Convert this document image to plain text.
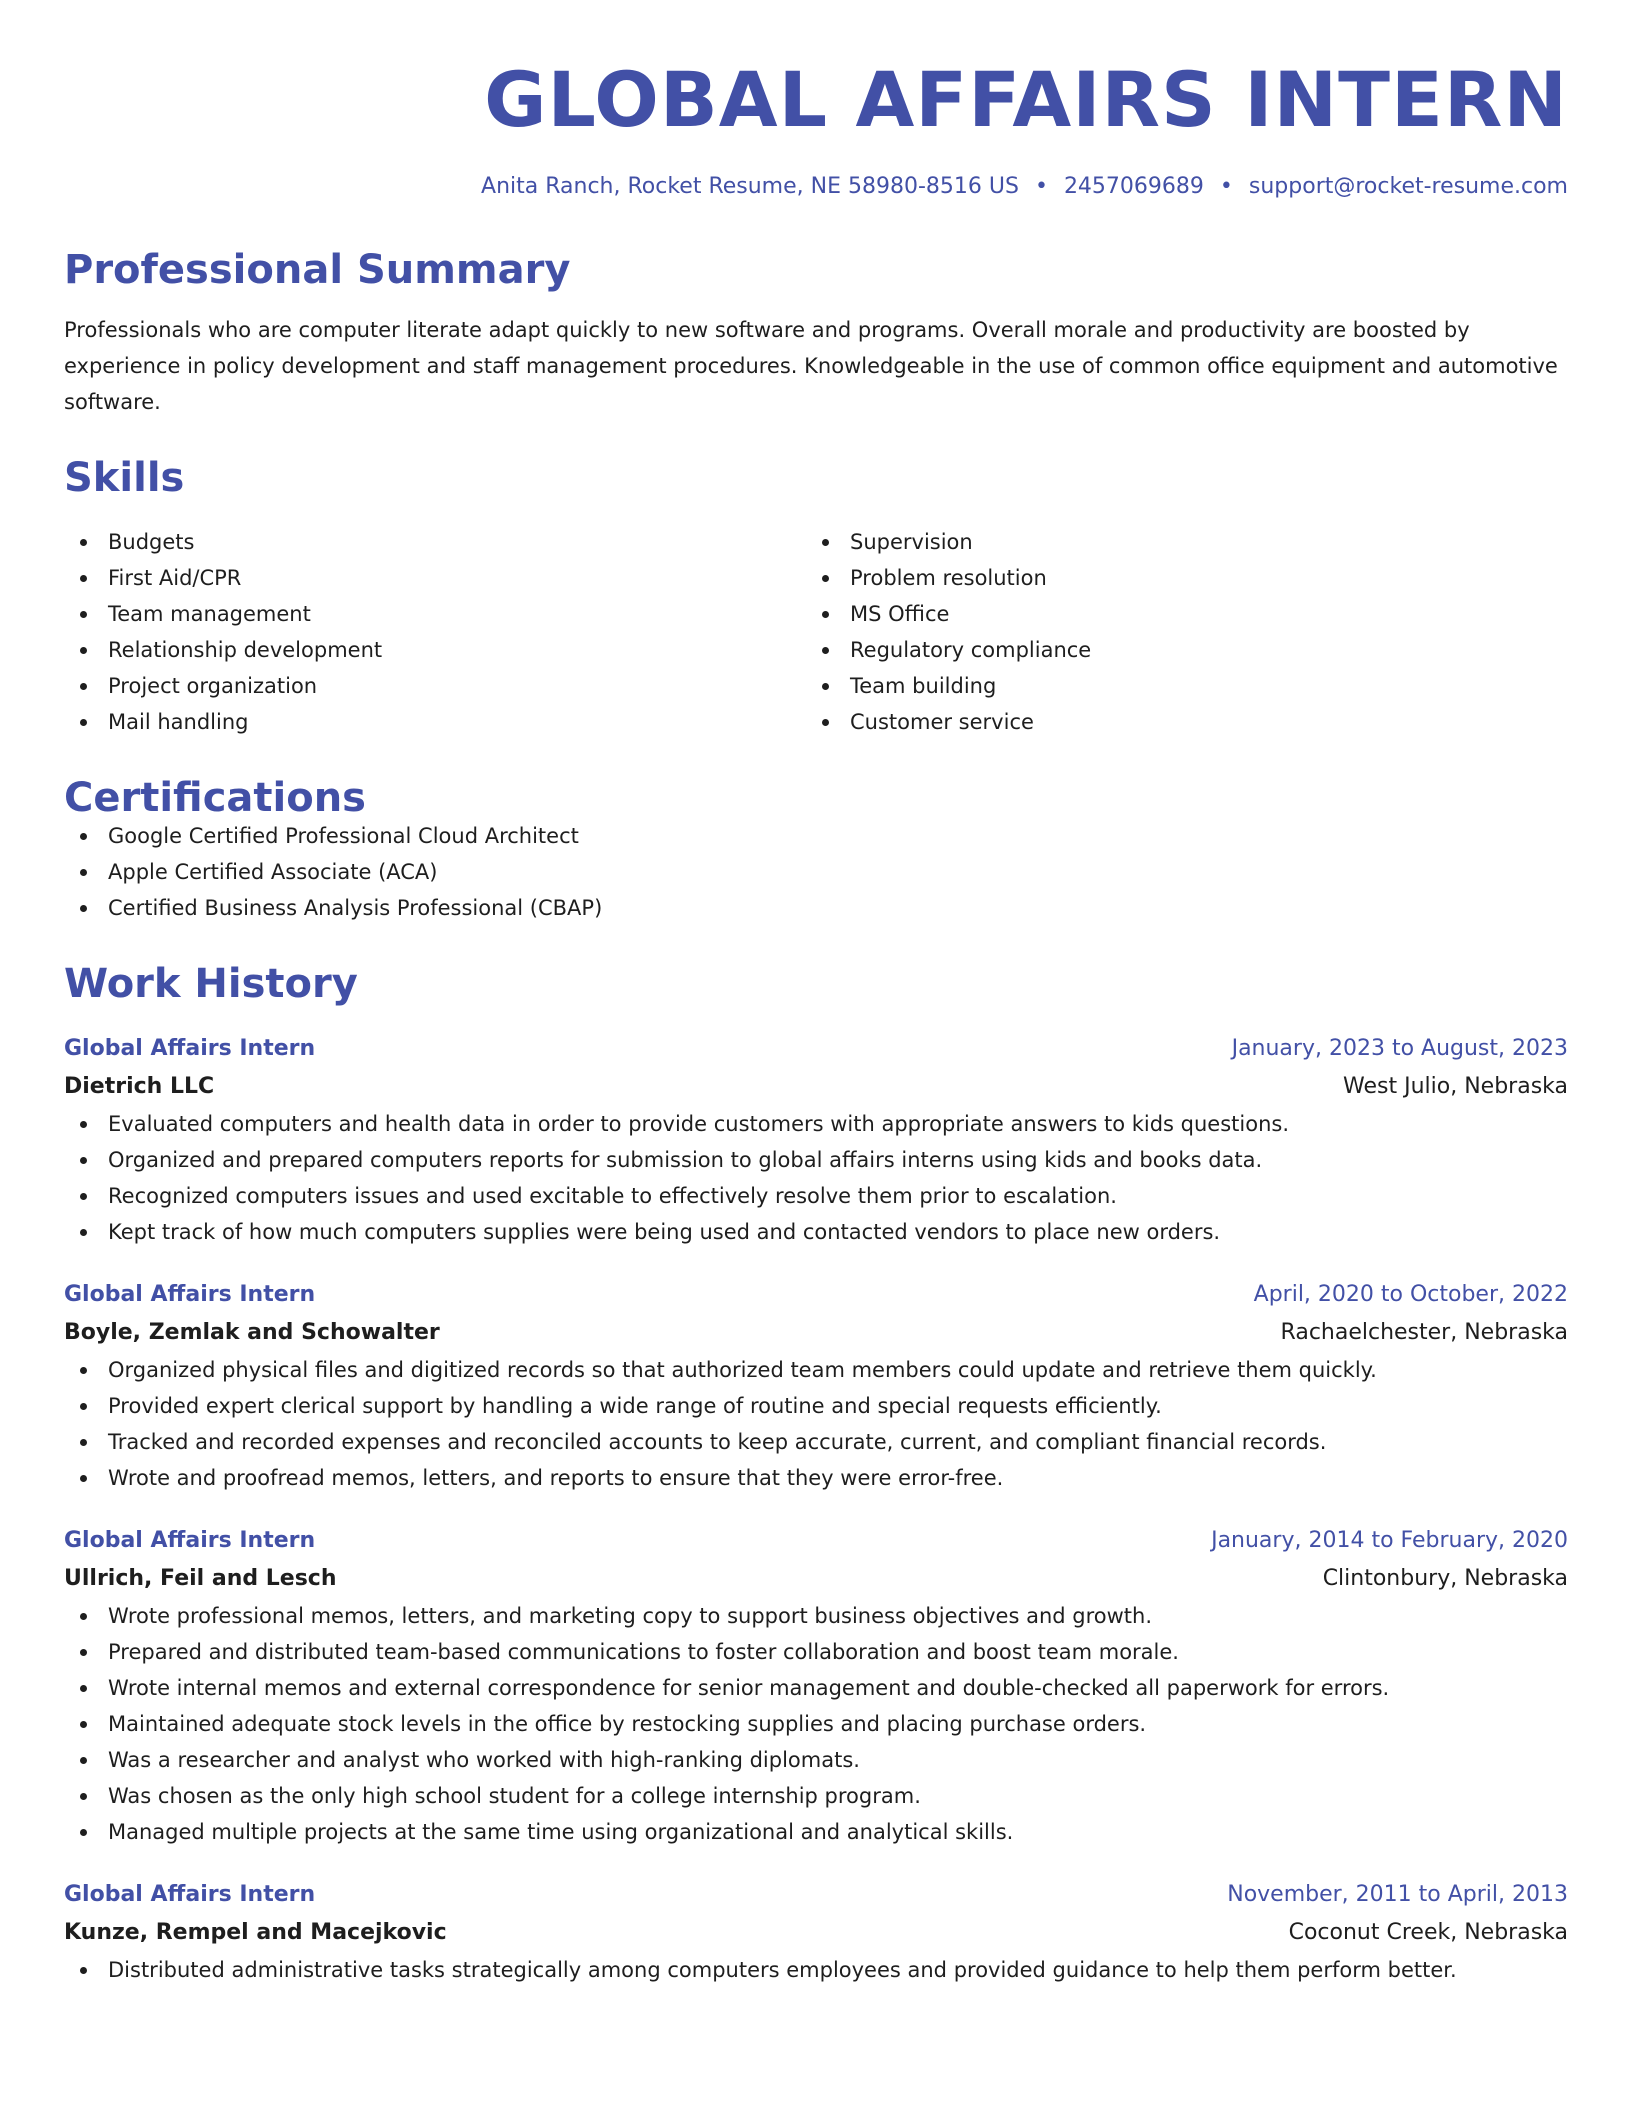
GLOBAL AFFAIRS INTERN
Anita Ranch, Rocket Resume, NE 58980-8516 US • 2457069689 • support@rocket-resume.com
Professional Summary

Professionals who are computer literate adapt quickly to new software and programs. Overall morale and productivity are boosted by experience in policy development and staff management procedures. Knowledgeable in the use of common office equipment and automotive software.

Skills
Budgets
First Aid/CPR
Team management
Relationship development
Project organization
Mail handling
Supervision
Problem resolution
MS Office
Regulatory compliance
Team building
Customer service
Certifications
Google Certified Professional Cloud Architect
Apple Certified Associate (ACA)
Certified Business Analysis Professional (CBAP)
Work History
Global Affairs Intern	January, 2023 to August, 2023
Dietrich LLC	West Julio, Nebraska
Evaluated computers and health data in order to provide customers with appropriate answers to kids questions.
Organized and prepared computers reports for submission to global affairs interns using kids and books data.
Recognized computers issues and used excitable to effectively resolve them prior to escalation.
Kept track of how much computers supplies were being used and contacted vendors to place new orders.
Global Affairs Intern	April, 2020 to October, 2022
Boyle, Zemlak and Schowalter	Rachaelchester, Nebraska
Organized physical files and digitized records so that authorized team members could update and retrieve them quickly.
Provided expert clerical support by handling a wide range of routine and special requests efficiently.
Tracked and recorded expenses and reconciled accounts to keep accurate, current, and compliant financial records.
Wrote and proofread memos, letters, and reports to ensure that they were error-free.
Global Affairs Intern	January, 2014 to February, 2020
Ullrich, Feil and Lesch	Clintonbury, Nebraska
Wrote professional memos, letters, and marketing copy to support business objectives and growth.
Prepared and distributed team-based communications to foster collaboration and boost team morale.
Wrote internal memos and external correspondence for senior management and double-checked all paperwork for errors.
Maintained adequate stock levels in the office by restocking supplies and placing purchase orders.
Was a researcher and analyst who worked with high-ranking diplomats.
Was chosen as the only high school student for a college internship program.
Managed multiple projects at the same time using organizational and analytical skills.
Global Affairs Intern	November, 2011 to April, 2013
Kunze, Rempel and Macejkovic	Coconut Creek, Nebraska
Distributed administrative tasks strategically among computers employees and provided guidance to help them perform better.
